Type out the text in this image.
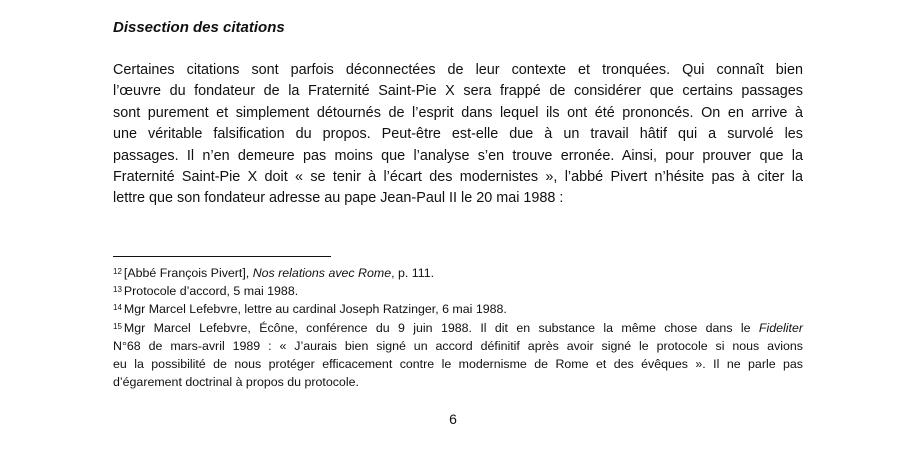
Dissection des citations

Certaines citations sont parfois déconnectées de leur contexte et tronquées. Qui connaît bien
l’œuvre du fondateur de la Fraternité Saint-Pie X sera frappé de considérer que certains passages
sont purement et simplement détournés de l’esprit dans lequel ils ont été prononcés. On en arrive à
une véritable falsification du propos. Peut-être est-elle due à un travail hâtif qui a survolé les
passages. Il n’en demeure pas moins que l’analyse s’en trouve erronée. Ainsi, pour prouver que la
Fraternité Saint-Pie X doit « se tenir à l’écart des modernistes », l’abbé Pivert n’hésite pas à citer la
lettre que son fondateur adresse au pape Jean-Paul II le 20 mai 1988 :

$^{12}$ [Abbé François Pivert], Nos relations avec Rome, p. 111.
$^{13}$ Protocole d’accord, 5 mai 1988.
$^{14}$ Mgr Marcel Lefebvre, lettre au cardinal Joseph Ratzinger, 6 mai 1988.
$^{15}$ Mgr Marcel Lefebvre, Écône, conférence du 9 juin 1988. Il dit en substance la même chose dans le Fideliter
N°68 de mars-avril 1989 : « J’aurais bien signé un accord définitif après avoir signé le protocole si nous avions
eu la possibilité de nous protéger efficacement contre le modernisme de Rome et des évêques ». Il ne parle pas
d’égarement doctrinal à propos du protocole.
6
